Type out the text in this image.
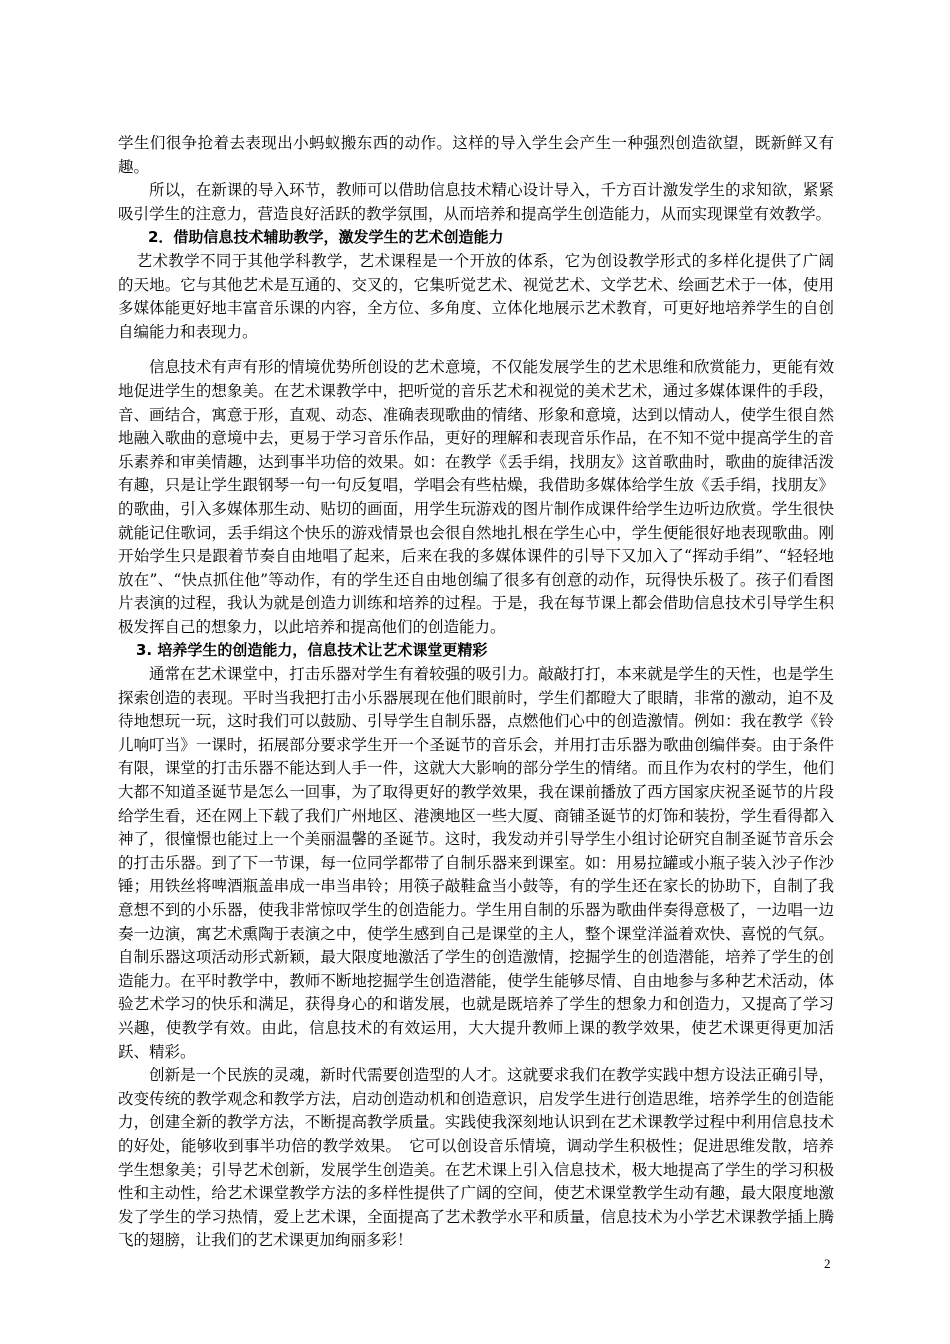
学生们很争抢着去表现出小蚂蚁搬东西的动作。这样的导入学生会产生一种强烈创造欲望，既新鲜又有趣。

所以，在新课的导入环节，教师可以借助信息技术精心设计导入，千方百计激发学生的求知欲，紧紧吸引学生的注意力，营造良好活跃的教学氛围，从而培养和提高学生创造能力，从而实现课堂有效教学。

2．借助信息技术辅助教学，激发学生的艺术创造能力

艺术教学不同于其他学科教学，艺术课程是一个开放的体系，它为创设教学形式的多样化提供了广阔的天地。它与其他艺术是互通的、交叉的，它集听觉艺术、视觉艺术、文学艺术、绘画艺术于一体，使用多媒体能更好地丰富音乐课的内容，全方位、多角度、立体化地展示艺术教育，可更好地培养学生的自创自编能力和表现力。

信息技术有声有形的情境优势所创设的艺术意境，不仅能发展学生的艺术思维和欣赏能力，更能有效地促进学生的想象美。在艺术课教学中，把听觉的音乐艺术和视觉的美术艺术，通过多媒体课件的手段，音、画结合，寓意于形，直观、动态、准确表现歌曲的情绪、形象和意境，达到以情动人，使学生很自然地融入歌曲的意境中去，更易于学习音乐作品，更好的理解和表现音乐作品，在不知不觉中提高学生的音乐素养和审美情趣，达到事半功倍的效果。如：在教学《丢手绢，找朋友》这首歌曲时，歌曲的旋律活泼有趣，只是让学生跟钢琴一句一句反复唱，学唱会有些枯燥，我借助多媒体给学生放《丢手绢，找朋友》的歌曲，引入多媒体那生动、贴切的画面，用学生玩游戏的图片制作成课件给学生边听边欣赏。学生很快就能记住歌词，丢手绢这个快乐的游戏情景也会很自然地扎根在学生心中，学生便能很好地表现歌曲。刚开始学生只是跟着节奏自由地唱了起来，后来在我的多媒体课件的引导下又加入了“挥动手绢”、“轻轻地放在”、“快点抓住他”等动作，有的学生还自由地创编了很多有创意的动作，玩得快乐极了。孩子们看图片表演的过程，我认为就是创造力训练和培养的过程。于是，我在每节课上都会借助信息技术引导学生积极发挥自己的想象力，以此培养和提高他们的创造能力。

3. 培养学生的创造能力，信息技术让艺术课堂更精彩

通常在艺术课堂中，打击乐器对学生有着较强的吸引力。敲敲打打，本来就是学生的天性，也是学生探索创造的表现。平时当我把打击小乐器展现在他们眼前时，学生们都瞪大了眼睛，非常的激动，迫不及待地想玩一玩，这时我们可以鼓励、引导学生自制乐器，点燃他们心中的创造激情。例如：我在教学《铃儿响叮当》一课时，拓展部分要求学生开一个圣诞节的音乐会，并用打击乐器为歌曲创编伴奏。由于条件有限，课堂的打击乐器不能达到人手一件，这就大大影响的部分学生的情绪。而且作为农村的学生，他们大都不知道圣诞节是怎么一回事，为了取得更好的教学效果，我在课前播放了西方国家庆祝圣诞节的片段给学生看，还在网上下载了我们广州地区、港澳地区一些大厦、商铺圣诞节的灯饰和装扮，学生看得都入神了，很憧憬也能过上一个美丽温馨的圣诞节。这时，我发动并引导学生小组讨论研究自制圣诞节音乐会的打击乐器。到了下一节课，每一位同学都带了自制乐器来到课室。如：用易拉罐或小瓶子装入沙子作沙锤；用铁丝将啤酒瓶盖串成一串当串铃；用筷子敲鞋盒当小鼓等，有的学生还在家长的协助下，自制了我意想不到的小乐器，使我非常惊叹学生的创造能力。学生用自制的乐器为歌曲伴奏得意极了，一边唱一边奏一边演，寓艺术熏陶于表演之中，使学生感到自己是课堂的主人，整个课堂洋溢着欢快、喜悦的气氛。自制乐器这项活动形式新颖，最大限度地激活了学生的创造激情，挖掘学生的创造潜能，培养了学生的创造能力。在平时教学中，教师不断地挖掘学生创造潜能，使学生能够尽情、自由地参与多种艺术活动，体验艺术学习的快乐和满足，获得身心的和谐发展，也就是既培养了学生的想象力和创造力，又提高了学习兴趣，使教学有效。由此，信息技术的有效运用，大大提升教师上课的教学效果，使艺术课更得更加活跃、精彩。

创新是一个民族的灵魂，新时代需要创造型的人才。这就要求我们在教学实践中想方设法正确引导，改变传统的教学观念和教学方法，启动创造动机和创造意识，启发学生进行创造思维，培养学生的创造能力，创建全新的教学方法，不断提高教学质量。实践使我深刻地认识到在艺术课教学过程中利用信息技术的好处，能够收到事半功倍的教学效果。　它可以创设音乐情境，调动学生积极性；促进思维发散，培养学生想象美；引导艺术创新，发展学生创造美。在艺术课上引入信息技术，极大地提高了学生的学习积极性和主动性，给艺术课堂教学方法的多样性提供了广阔的空间，使艺术课堂教学生动有趣，最大限度地激发了学生的学习热情，爱上艺术课，全面提高了艺术教学水平和质量，信息技术为小学艺术课教学插上腾飞的翅膀，让我们的艺术课更加绚丽多彩！

2
